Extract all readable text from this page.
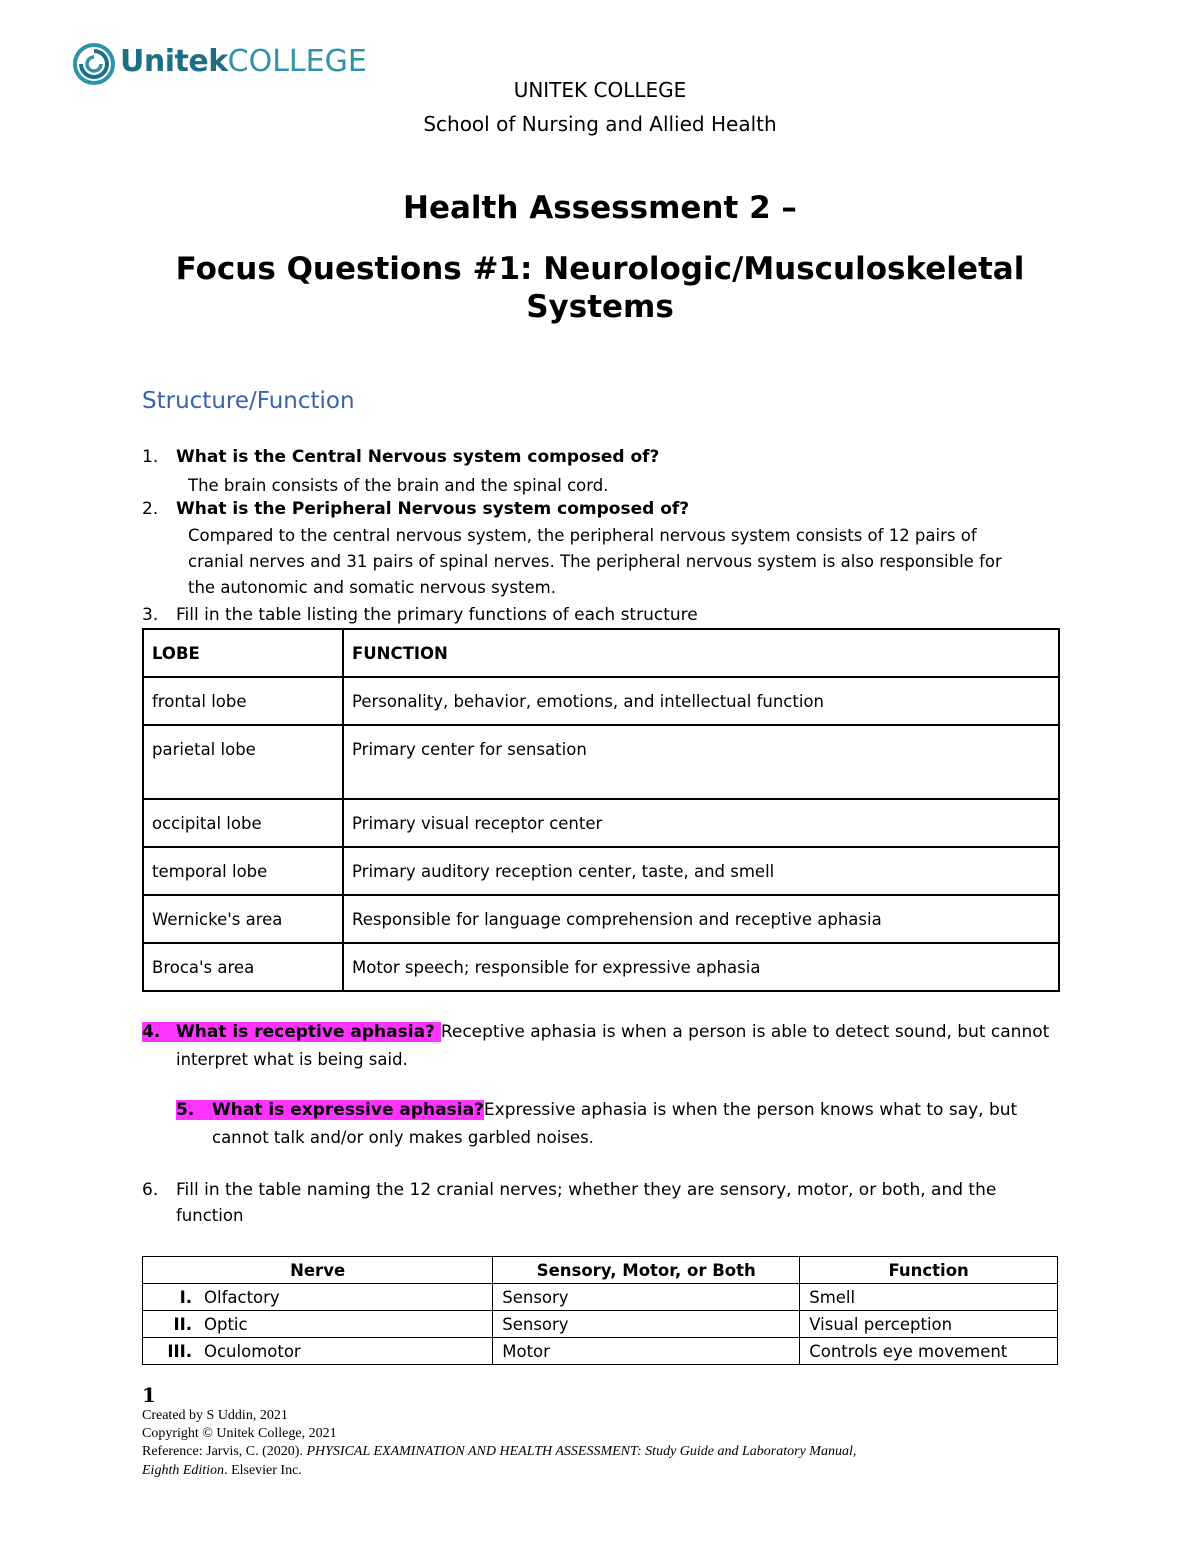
UnitekCOLLEGE
UNITEK COLLEGE
School of Nursing and Allied Health
Health Assessment 2 –
Focus Questions #1: Neurologic/Musculoskeletal
Systems
Structure/Function
1. What is the Central Nervous system composed of?
The brain consists of the brain and the spinal cord.
2. What is the Peripheral Nervous system composed of?
Compared to the central nervous system, the peripheral nervous system consists of 12 pairs of
cranial nerves and 31 pairs of spinal nerves. The peripheral nervous system is also responsible for
the autonomic and somatic nervous system.
3. Fill in the table listing the primary functions of each structure
LOBE	FUNCTION
frontal lobe	Personality, behavior, emotions, and intellectual function
parietal lobe	Primary center for sensation
occipital lobe	Primary visual receptor center
temporal lobe	Primary auditory reception center, taste, and smell
Wernicke's area	Responsible for language comprehension and receptive aphasia
Broca's area	Motor speech; responsible for expressive aphasia
4. What is receptive aphasia? Receptive aphasia is when a person is able to detect sound, but cannot
interpret what is being said.
5. What is expressive aphasia?Expressive aphasia is when the person knows what to say, but
cannot talk and/or only makes garbled noises.
6. Fill in the table naming the 12 cranial nerves; whether they are sensory, motor, or both, and the
function
Nerve		Sensory, Motor, or Both	Function
I.	Olfactory	Sensory	Smell
II.	Optic	Sensory	Visual perception
III.	Oculomotor	Motor	Controls eye movement
1
Created by S Uddin, 2021
Copyright © Unitek College, 2021
Reference: Jarvis, C. (2020). PHYSICAL EXAMINATION AND HEALTH ASSESSMENT: Study Guide and Laboratory Manual,
Eighth Edition. Elsevier Inc.
